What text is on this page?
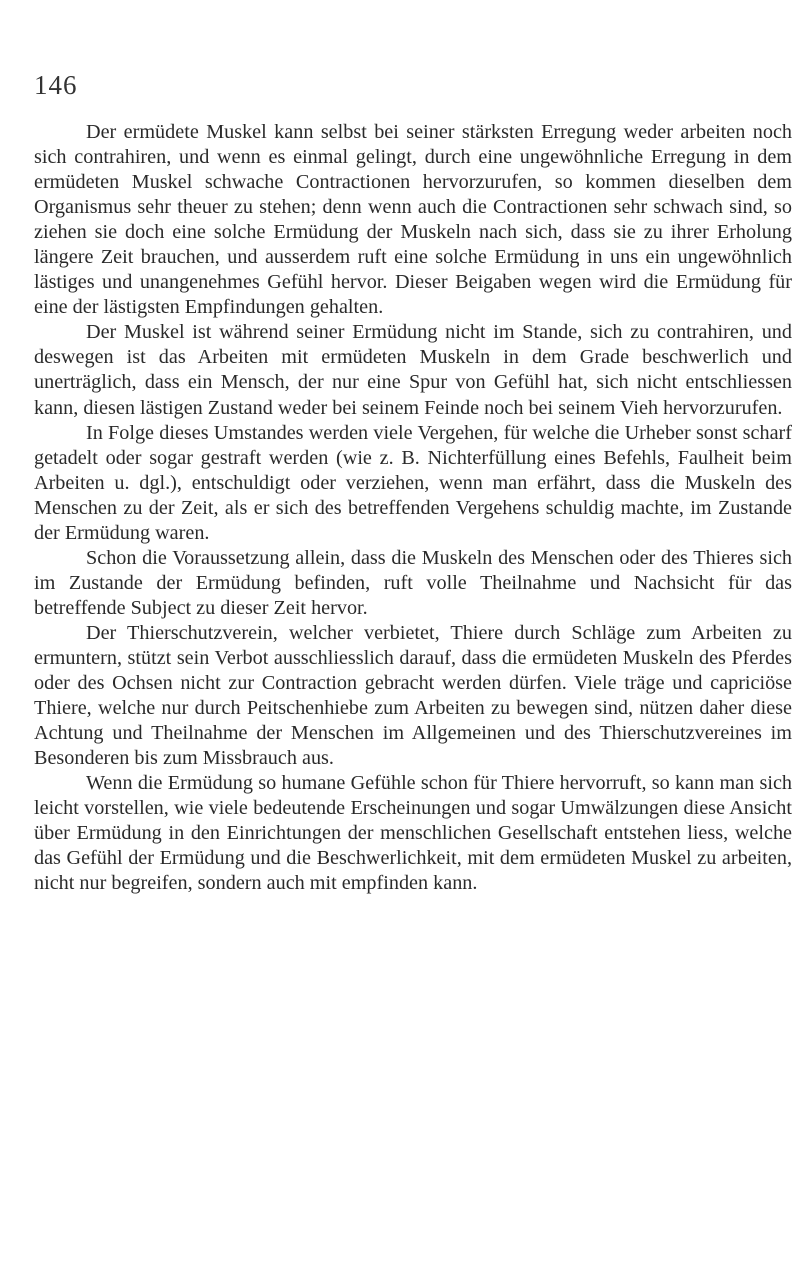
146

Der ermüdete Muskel kann selbst bei seiner stärksten Erregung weder arbeiten noch sich contrahiren, und wenn es einmal gelingt, durch eine ungewöhnliche Erregung in dem ermüdeten Muskel schwache Contractionen hervorzurufen, so kommen dieselben dem Organismus sehr theuer zu stehen; denn wenn auch die Contractionen sehr schwach sind, so ziehen sie doch eine solche Ermüdung der Muskeln nach sich, dass sie zu ihrer Erholung längere Zeit brauchen, und ausserdem ruft eine solche Ermüdung in uns ein ungewöhnlich lästiges und unangenehmes Gefühl hervor. Dieser Beigaben wegen wird die Ermüdung für eine der lästigsten Empfindungen gehalten.

Der Muskel ist während seiner Ermüdung nicht im Stande, sich zu contrahiren, und deswegen ist das Arbeiten mit ermüdeten Muskeln in dem Grade beschwerlich und unerträglich, dass ein Mensch, der nur eine Spur von Gefühl hat, sich nicht entschliessen kann, diesen lästigen Zustand weder bei seinem Feinde noch bei seinem Vieh hervorzurufen.

In Folge dieses Umstandes werden viele Vergehen, für welche die Urheber sonst scharf getadelt oder sogar gestraft werden (wie z. B. Nichterfüllung eines Befehls, Faulheit beim Arbeiten u. dgl.), entschuldigt oder verziehen, wenn man erfährt, dass die Muskeln des Menschen zu der Zeit, als er sich des betreffenden Vergehens schuldig machte, im Zustande der Ermüdung waren.

Schon die Voraussetzung allein, dass die Muskeln des Menschen oder des Thieres sich im Zustande der Ermüdung befinden, ruft volle Theilnahme und Nachsicht für das betreffende Subject zu dieser Zeit hervor.

Der Thierschutzverein, welcher verbietet, Thiere durch Schläge zum Arbeiten zu ermuntern, stützt sein Verbot ausschliesslich darauf, dass die ermüdeten Muskeln des Pferdes oder des Ochsen nicht zur Contraction gebracht werden dürfen. Viele träge und capriciöse Thiere, welche nur durch Peitschenhiebe zum Arbeiten zu bewegen sind, nützen daher diese Achtung und Theilnahme der Menschen im Allgemeinen und des Thierschutzvereines im Besonderen bis zum Missbrauch aus.

Wenn die Ermüdung so humane Gefühle schon für Thiere hervorruft, so kann man sich leicht vorstellen, wie viele bedeutende Erscheinungen und sogar Umwälzungen diese Ansicht über Ermüdung in den Einrichtungen der menschlichen Gesellschaft entstehen liess, welche das Gefühl der Ermüdung und die Beschwerlichkeit, mit dem ermüdeten Muskel zu arbeiten, nicht nur begreifen, sondern auch mit empfinden kann.
